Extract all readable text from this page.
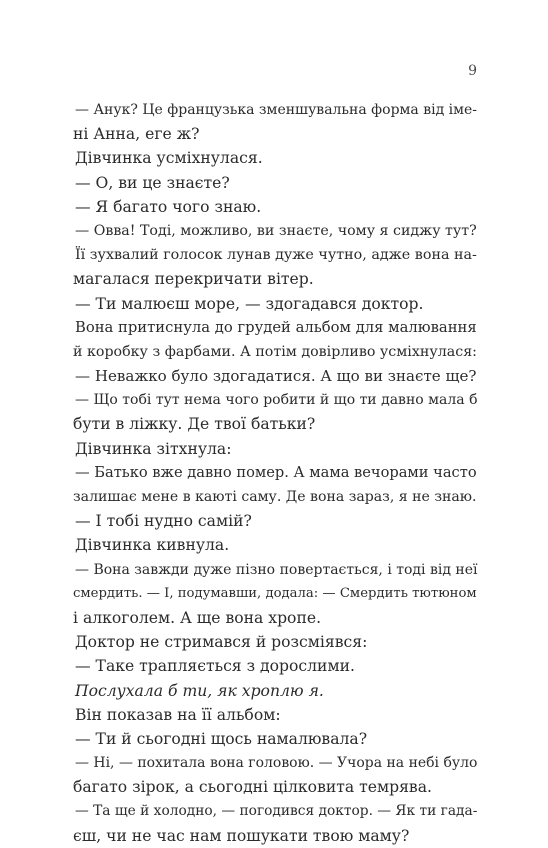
9
— Анук? Це французька зменшувальна форма від іме-
ні Анна, еге ж?
Дівчинка усміхнулася.
— О, ви це знаєте?
— Я багато чого знаю.
— Овва! Тоді, можливо, ви знаєте, чому я сиджу тут?
Її зухвалий голосок лунав дуже чутно, адже вона на-
магалася перекричати вітер.
— Ти малюєш море, — здогадався доктор.
Вона притиснула до грудей альбом для малювання
й коробку з фарбами. А потім довірливо усміхнулася:
— Неважко було здогадатися. А що ви знаєте ще?
— Що тобі тут нема чого робити й що ти давно мала б
бути в ліжку. Де твої батьки?
Дівчинка зітхнула:
— Батько вже давно помер. А мама вечорами часто
залишає мене в каюті саму. Де вона зараз, я не знаю.
— І тобі нудно самій?
Дівчинка кивнула.
— Вона завжди дуже пізно повертається, і тоді від неї
смердить. — І, подумавши, додала: — Смердить тютюном
і алкоголем. А ще вона хропе.
Доктор не стримався й розсміявся:
— Таке трапляється з дорослими.
Послухала б ти, як хроплю я.
Він показав на її альбом:
— Ти й сьогодні щось намалювала?
— Ні, — похитала вона головою. — Учора на небі було
багато зірок, а сьогодні цілковита темрява.
— Та ще й холодно, — погодився доктор. — Як ти гада-
єш, чи не час нам пошукати твою маму?
